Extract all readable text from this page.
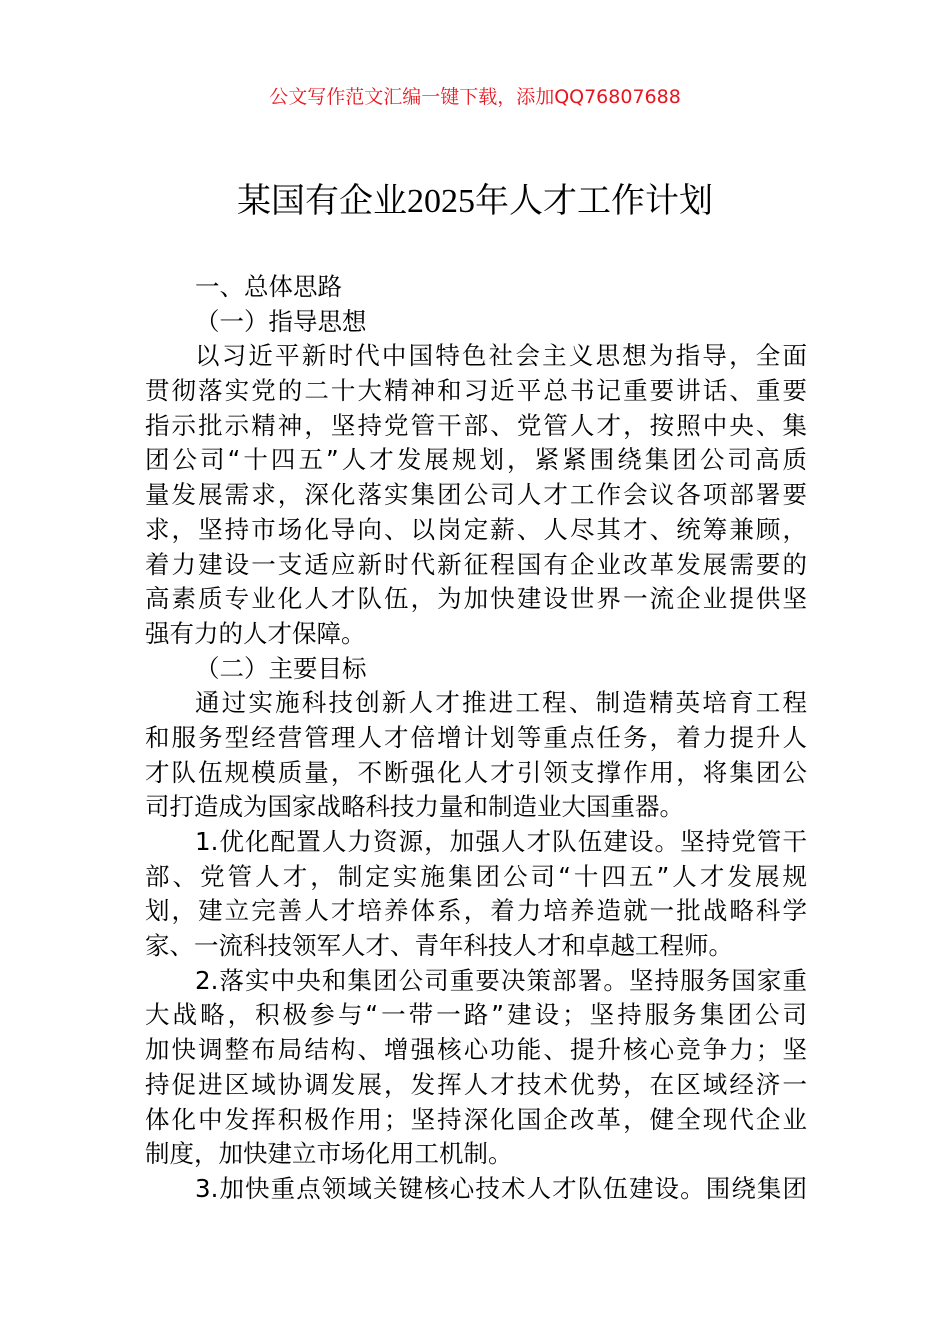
公文写作范文汇编一键下载，添加QQ76807688
某国有企业2025年人才工作计划
一、总体思路
（一）指导思想
以习近平新时代中国特色社会主义思想为指导，全面
贯彻落实党的二十大精神和习近平总书记重要讲话、重要
指示批示精神，坚持党管干部、党管人才，按照中央、集
团公司“十四五”人才发展规划，紧紧围绕集团公司高质
量发展需求，深化落实集团公司人才工作会议各项部署要
求，坚持市场化导向、以岗定薪、人尽其才、统筹兼顾，
着力建设一支适应新时代新征程国有企业改革发展需要的
高素质专业化人才队伍，为加快建设世界一流企业提供坚
强有力的人才保障。
（二）主要目标
通过实施科技创新人才推进工程、制造精英培育工程
和服务型经营管理人才倍增计划等重点任务，着力提升人
才队伍规模质量，不断强化人才引领支撑作用，将集团公
司打造成为国家战略科技力量和制造业大国重器。
1.优化配置人力资源，加强人才队伍建设。坚持党管干
部、党管人才，制定实施集团公司“十四五”人才发展规
划，建立完善人才培养体系，着力培养造就一批战略科学
家、一流科技领军人才、青年科技人才和卓越工程师。
2.落实中央和集团公司重要决策部署。坚持服务国家重
大战略，积极参与“一带一路”建设；坚持服务集团公司
加快调整布局结构、增强核心功能、提升核心竞争力；坚
持促进区域协调发展，发挥人才技术优势，在区域经济一
体化中发挥积极作用；坚持深化国企改革，健全现代企业
制度，加快建立市场化用工机制。
3.加快重点领域关键核心技术人才队伍建设。围绕集团
